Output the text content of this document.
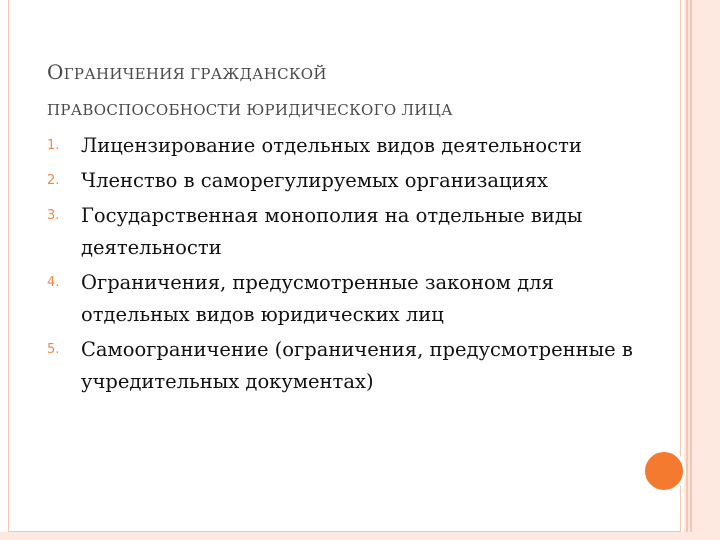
ОГРАНИЧЕНИЯ ГРАЖДАНСКОЙ
ПРАВОСПОСОБНОСТИ ЮРИДИЧЕСКОГО ЛИЦА
1.	Лицензирование отдельных видов деятельности
2.	Членство в саморегулируемых организациях
3.	Государственная монополия на отдельные виды деятельности
4.	Ограничения, предусмотренные законом для отдельных видов юридических лиц
5.	Самоограничение (ограничения, предусмотренные в учредительных документах)
